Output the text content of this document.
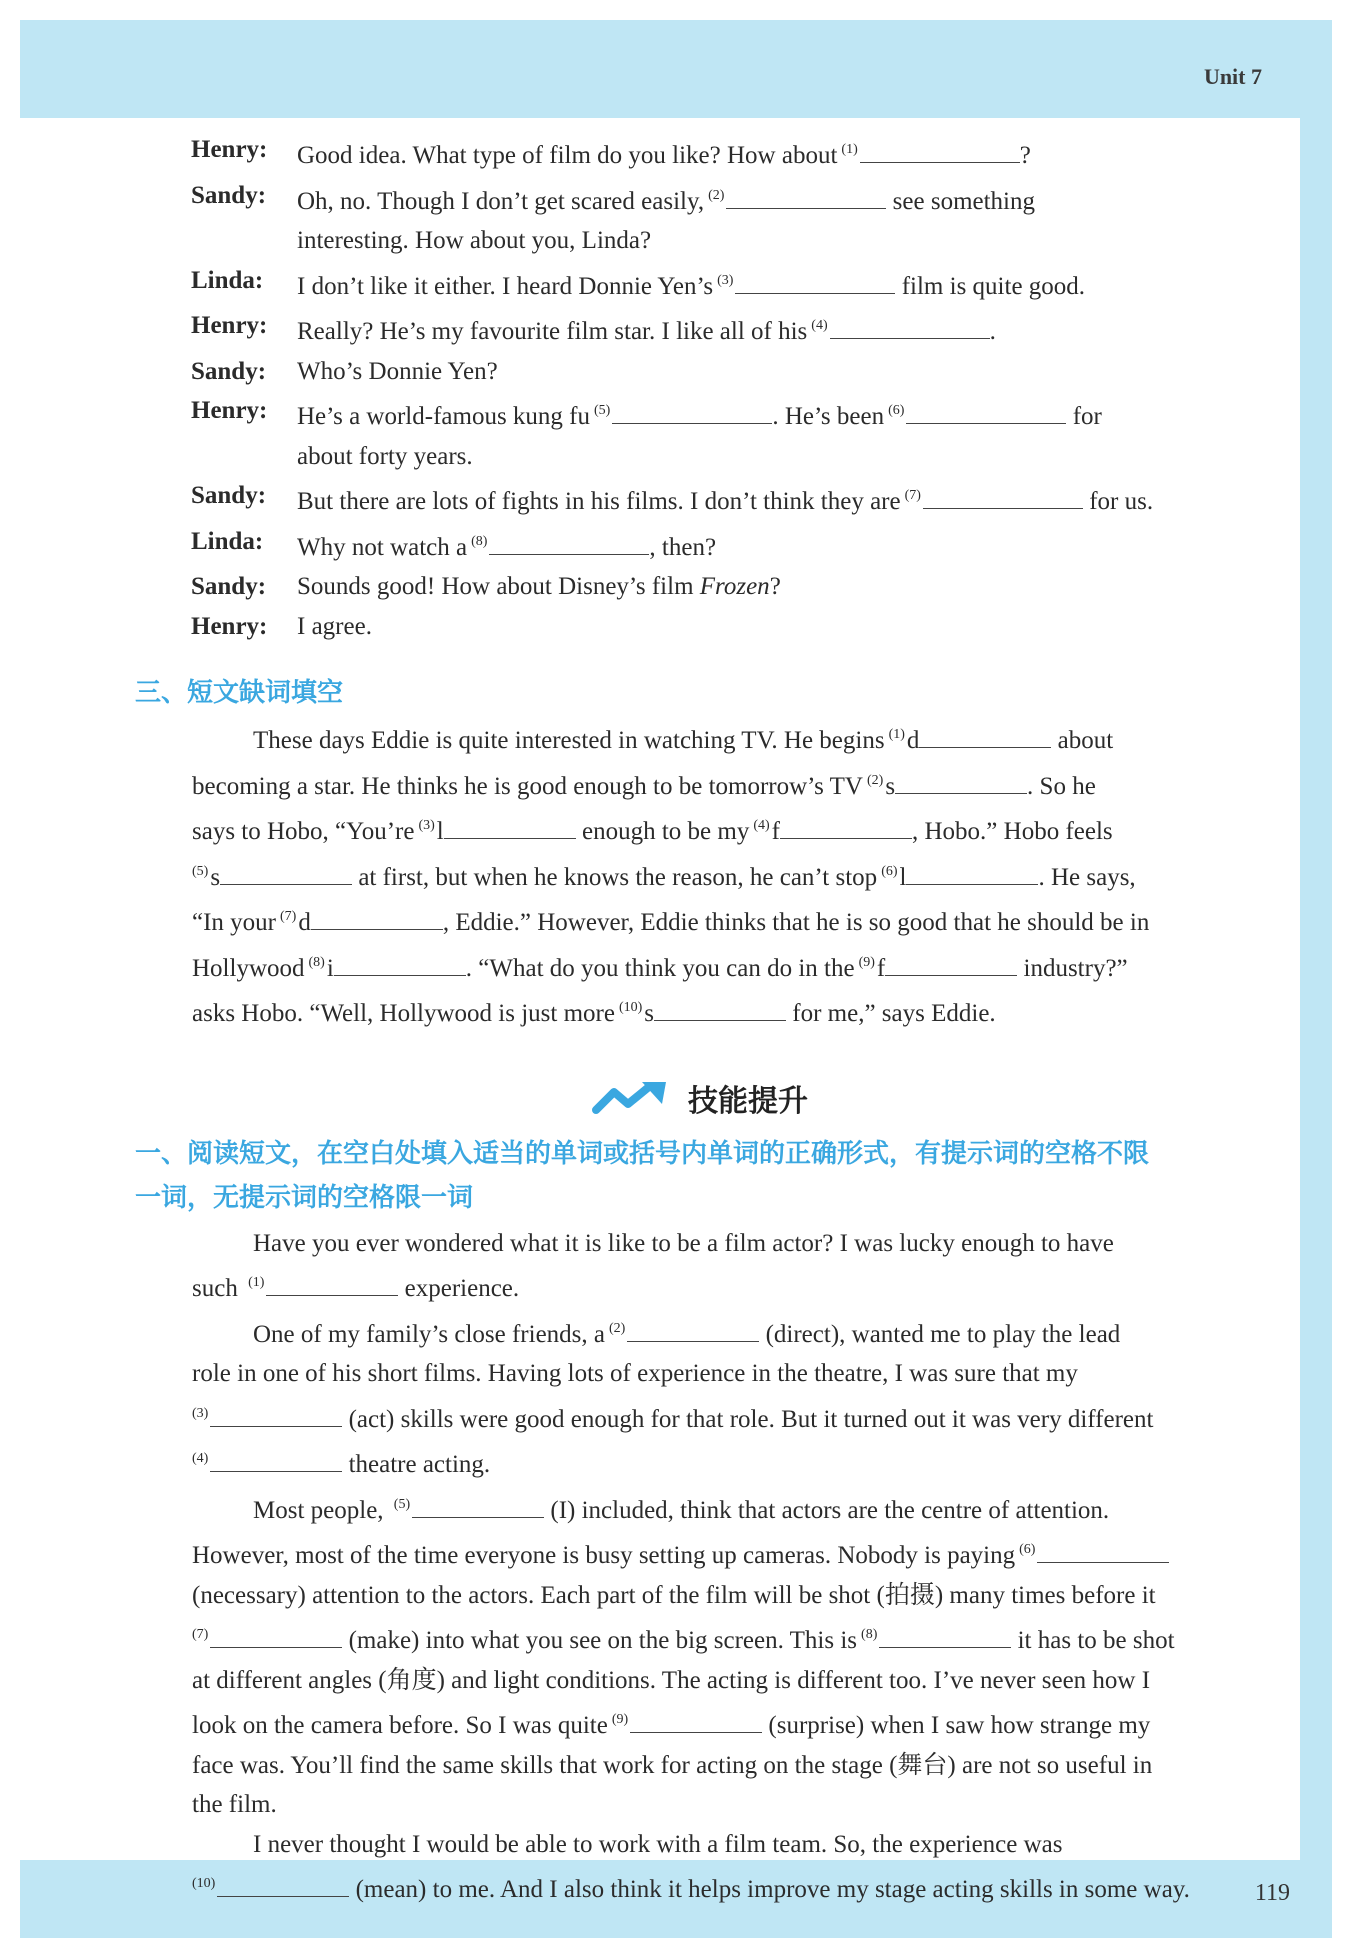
Unit 7
119
Henry:	Good idea. What type of film do you like? How about $^{(1)}$	?
Sandy:	Oh, no. Though I don’t get scared easily, $^{(2)}$	see something
interesting. How about you, Linda?
Linda:	I don’t like it either. I heard Donnie Yen’s $^{(3)}$	film is quite good.
Henry:	Really? He’s my favourite film star. I like all of his $^{(4)}$	.
Sandy:	Who’s Donnie Yen?
Henry:	He’s a world-famous kung fu $^{(5)}$	. He’s been $^{(6)}$	for
about forty years.
Sandy:	But there are lots of fights in his films. I don’t think they are $^{(7)}$	for us.
Linda:	Why not watch a $^{(8)}$	, then?
Sandy:	Sounds good! How about Disney’s film Frozen?
Henry:	I agree.
三、短文缺词填空
These days Eddie is quite interested in watching TV. He begins $^{(1)}$d	about
becoming a star. He thinks he is good enough to be tomorrow’s TV $^{(2)}$s	. So he
says to Hobo, “You’re $^{(3)}$l	enough to be my $^{(4)}$f	, Hobo.” Hobo feels
$^{(5)}$s	at first, but when he knows the reason, he can’t stop $^{(6)}$l	. He says,
“In your $^{(7)}$d	, Eddie.” However, Eddie thinks that he is so good that he should be in
Hollywood $^{(8)}$i	. “What do you think you can do in the $^{(9)}$f	industry?”
asks Hobo. “Well, Hollywood is just more $^{(10)}$s	for me,” says Eddie.
技能提升
一、阅读短文，在空白处填入适当的单词或括号内单词的正确形式，有提示词的空格不限
一词，无提示词的空格限一词
Have you ever wondered what it is like to be a film actor? I was lucky enough to have
such $^{(1)}$	experience.
One of my family’s close friends, a $^{(2)}$	(direct), wanted me to play the lead
role in one of his short films. Having lots of experience in the theatre, I was sure that my
$^{(3)}$	(act) skills were good enough for that role. But it turned out it was very different
$^{(4)}$	theatre acting.
Most people, $^{(5)}$	(I) included, think that actors are the centre of attention.
However, most of the time everyone is busy setting up cameras. Nobody is paying $^{(6)}$
(necessary) attention to the actors. Each part of the film will be shot (拍摄) many times before it
$^{(7)}$	(make) into what you see on the big screen. This is $^{(8)}$	it has to be shot
at different angles (角度) and light conditions. The acting is different too. I’ve never seen how I
look on the camera before. So I was quite $^{(9)}$	(surprise) when I saw how strange my
face was. You’ll find the same skills that work for acting on the stage (舞台) are not so useful in
the film.
I never thought I would be able to work with a film team. So, the experience was
$^{(10)}$	(mean) to me. And I also think it helps improve my stage acting skills in some way.
